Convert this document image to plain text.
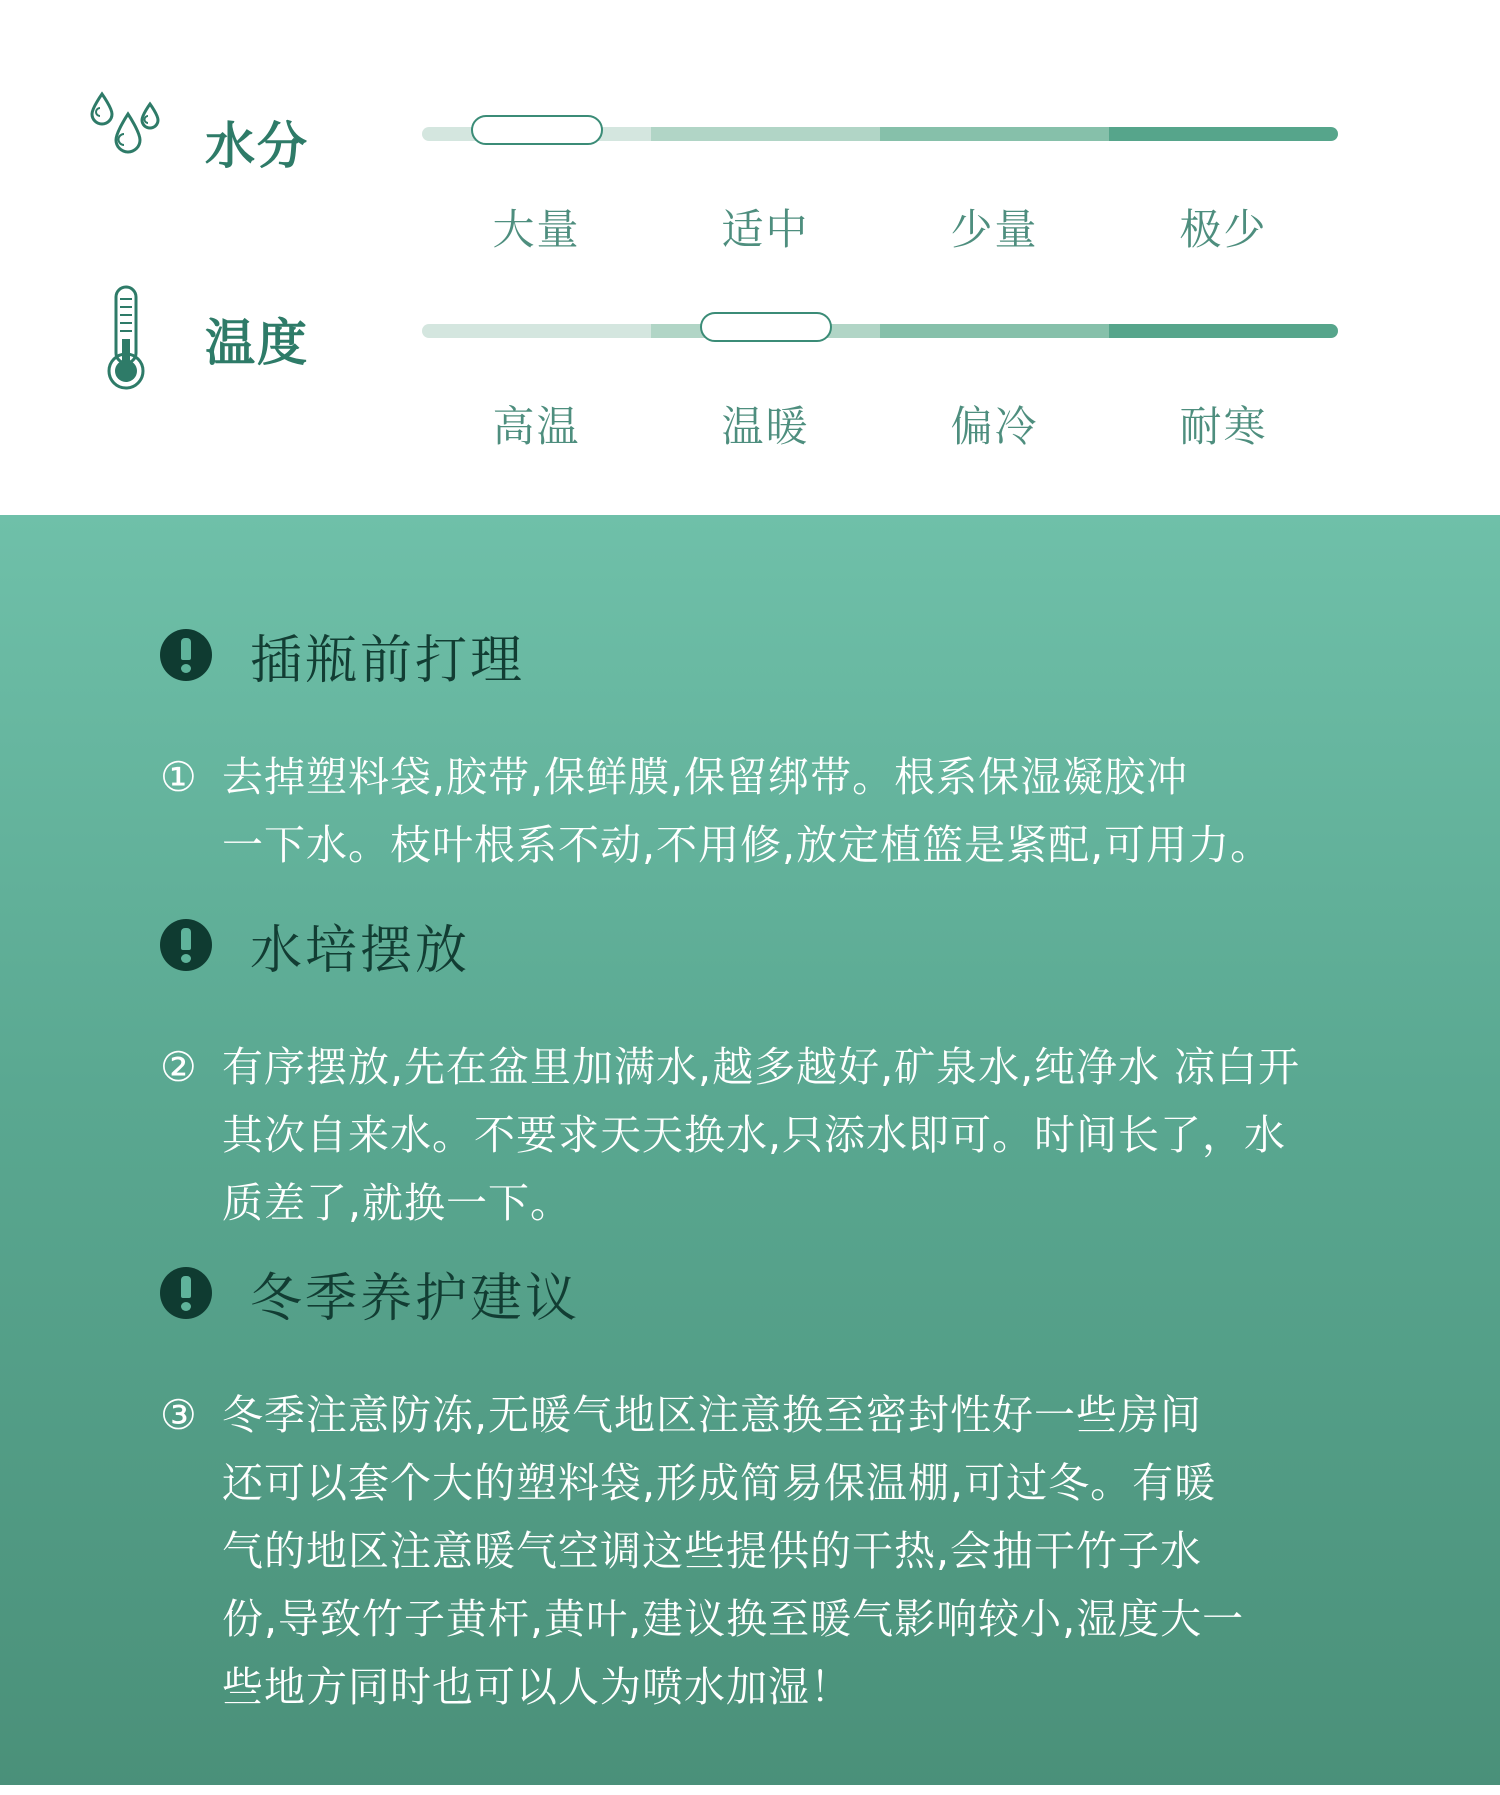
水分
大量	适中	少量	极少
温度
高温	温暖	偏冷	耐寒
插瓶前打理
① 去掉塑料袋,胶带,保鲜膜,保留绑带。根系保湿凝胶冲
一下水。枝叶根系不动,不用修,放定植篮是紧配,可用力。
水培摆放
② 有序摆放,先在盆里加满水,越多越好,矿泉水,纯净水 凉白开
其次自来水。不要求天天换水,只添水即可。时间长了，水
质差了,就换一下。
冬季养护建议
③ 冬季注意防冻,无暖气地区注意换至密封性好一些房间
还可以套个大的塑料袋,形成简易保温棚,可过冬。有暖
气的地区注意暖气空调这些提供的干热,会抽干竹子水
份,导致竹子黄杆,黄叶,建议换至暖气影响较小,湿度大一
些地方同时也可以人为喷水加湿！
